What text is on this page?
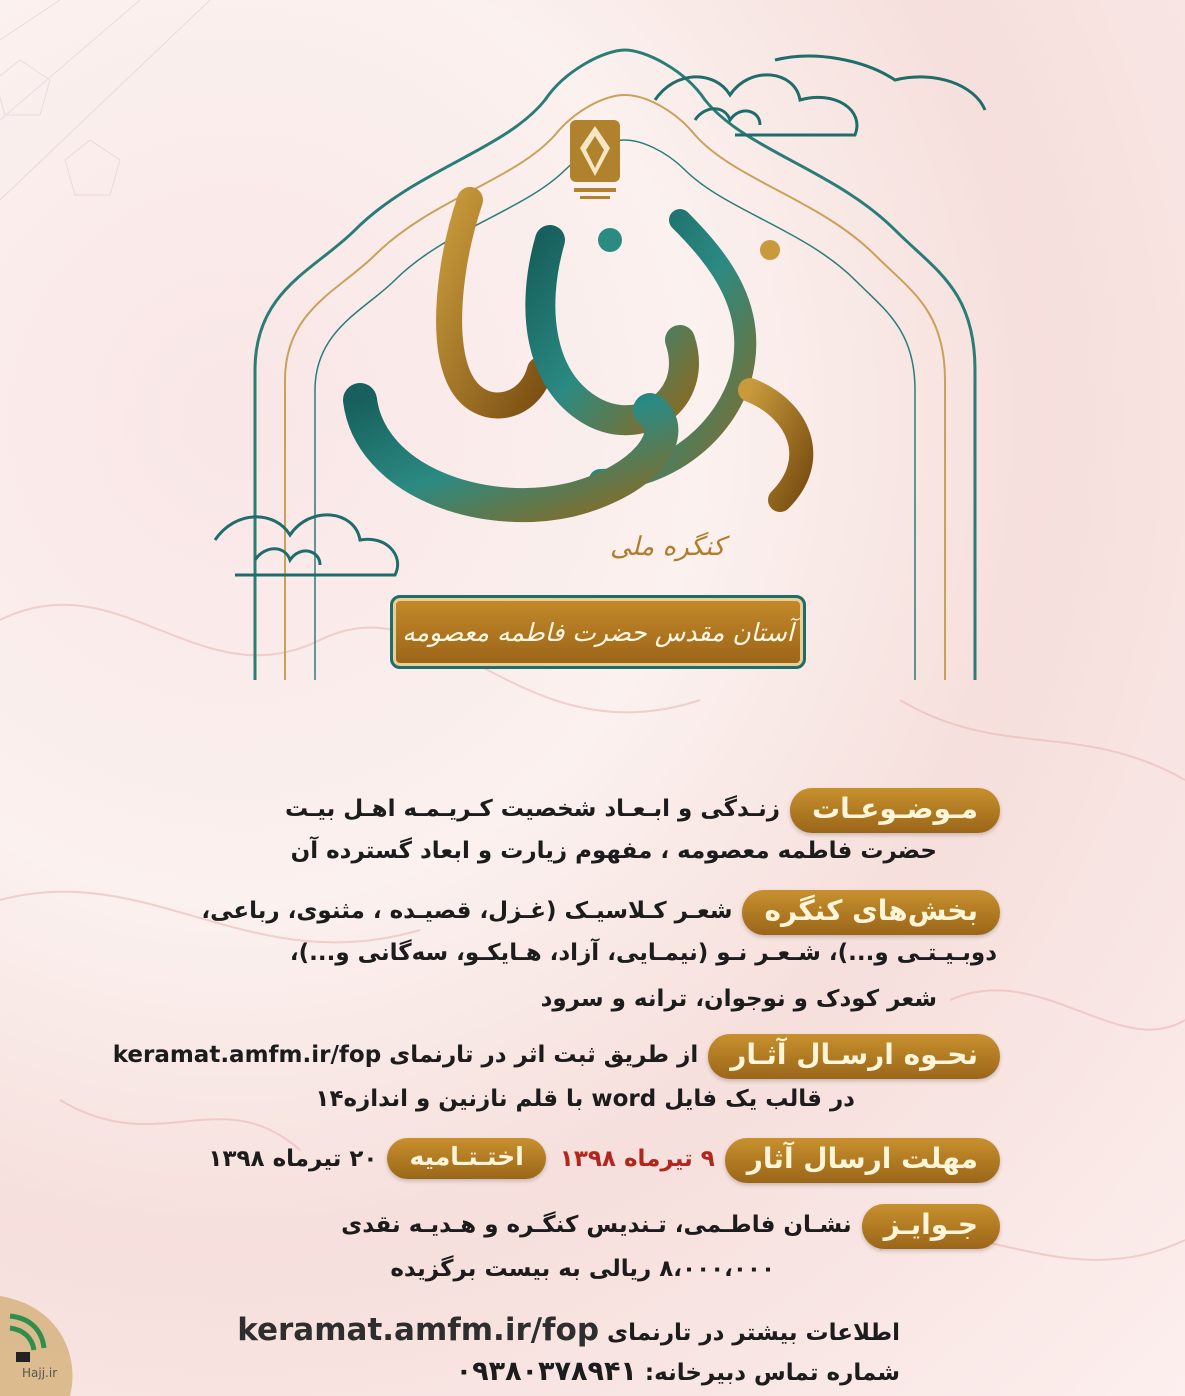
کنگره ملی
آستان مقدس حضرت فاطمه معصومه
مـوضـوعـات
زنـدگی و ابـعـاد شخصیت کـریـمـه اهـل بیـت
حضرت فاطمه معصومه ، مفهوم زیارت و ابعاد گسترده آن
بخش‌های کنگره
شعـر کـلاسیـک (غـزل، قصیـده ، مثنوی، رباعی،
دوبـیـتـی و...)، شـعـر نـو (نیمـایی، آزاد، هـایکـو، سه‌گانی و...)،
شعر کودک و نوجوان، ترانه و سرود
نحـوه ارسـال آثـار
از طریق ثبت اثر در تارنمای keramat.amfm.ir/fop
در قالب یک فایل word با قلم نازنین و اندازه۱۴
مهلت ارسال آثار
۹ تیرماه ۱۳۹۸
اختـتـامیه
۲۰ تیرماه ۱۳۹۸
جـوایـز
نشـان فاطـمی، تـندیس کنگـره و هـدیـه نقدی
۸،۰۰۰،۰۰۰ ریالی به بیست برگزیده
اطلاعات بیشتر در تارنمای keramat.amfm.ir/fop
شماره تماس دبیرخانه: ۰۹۳۸۰۳۷۸۹۴۱
Hajj.ir
